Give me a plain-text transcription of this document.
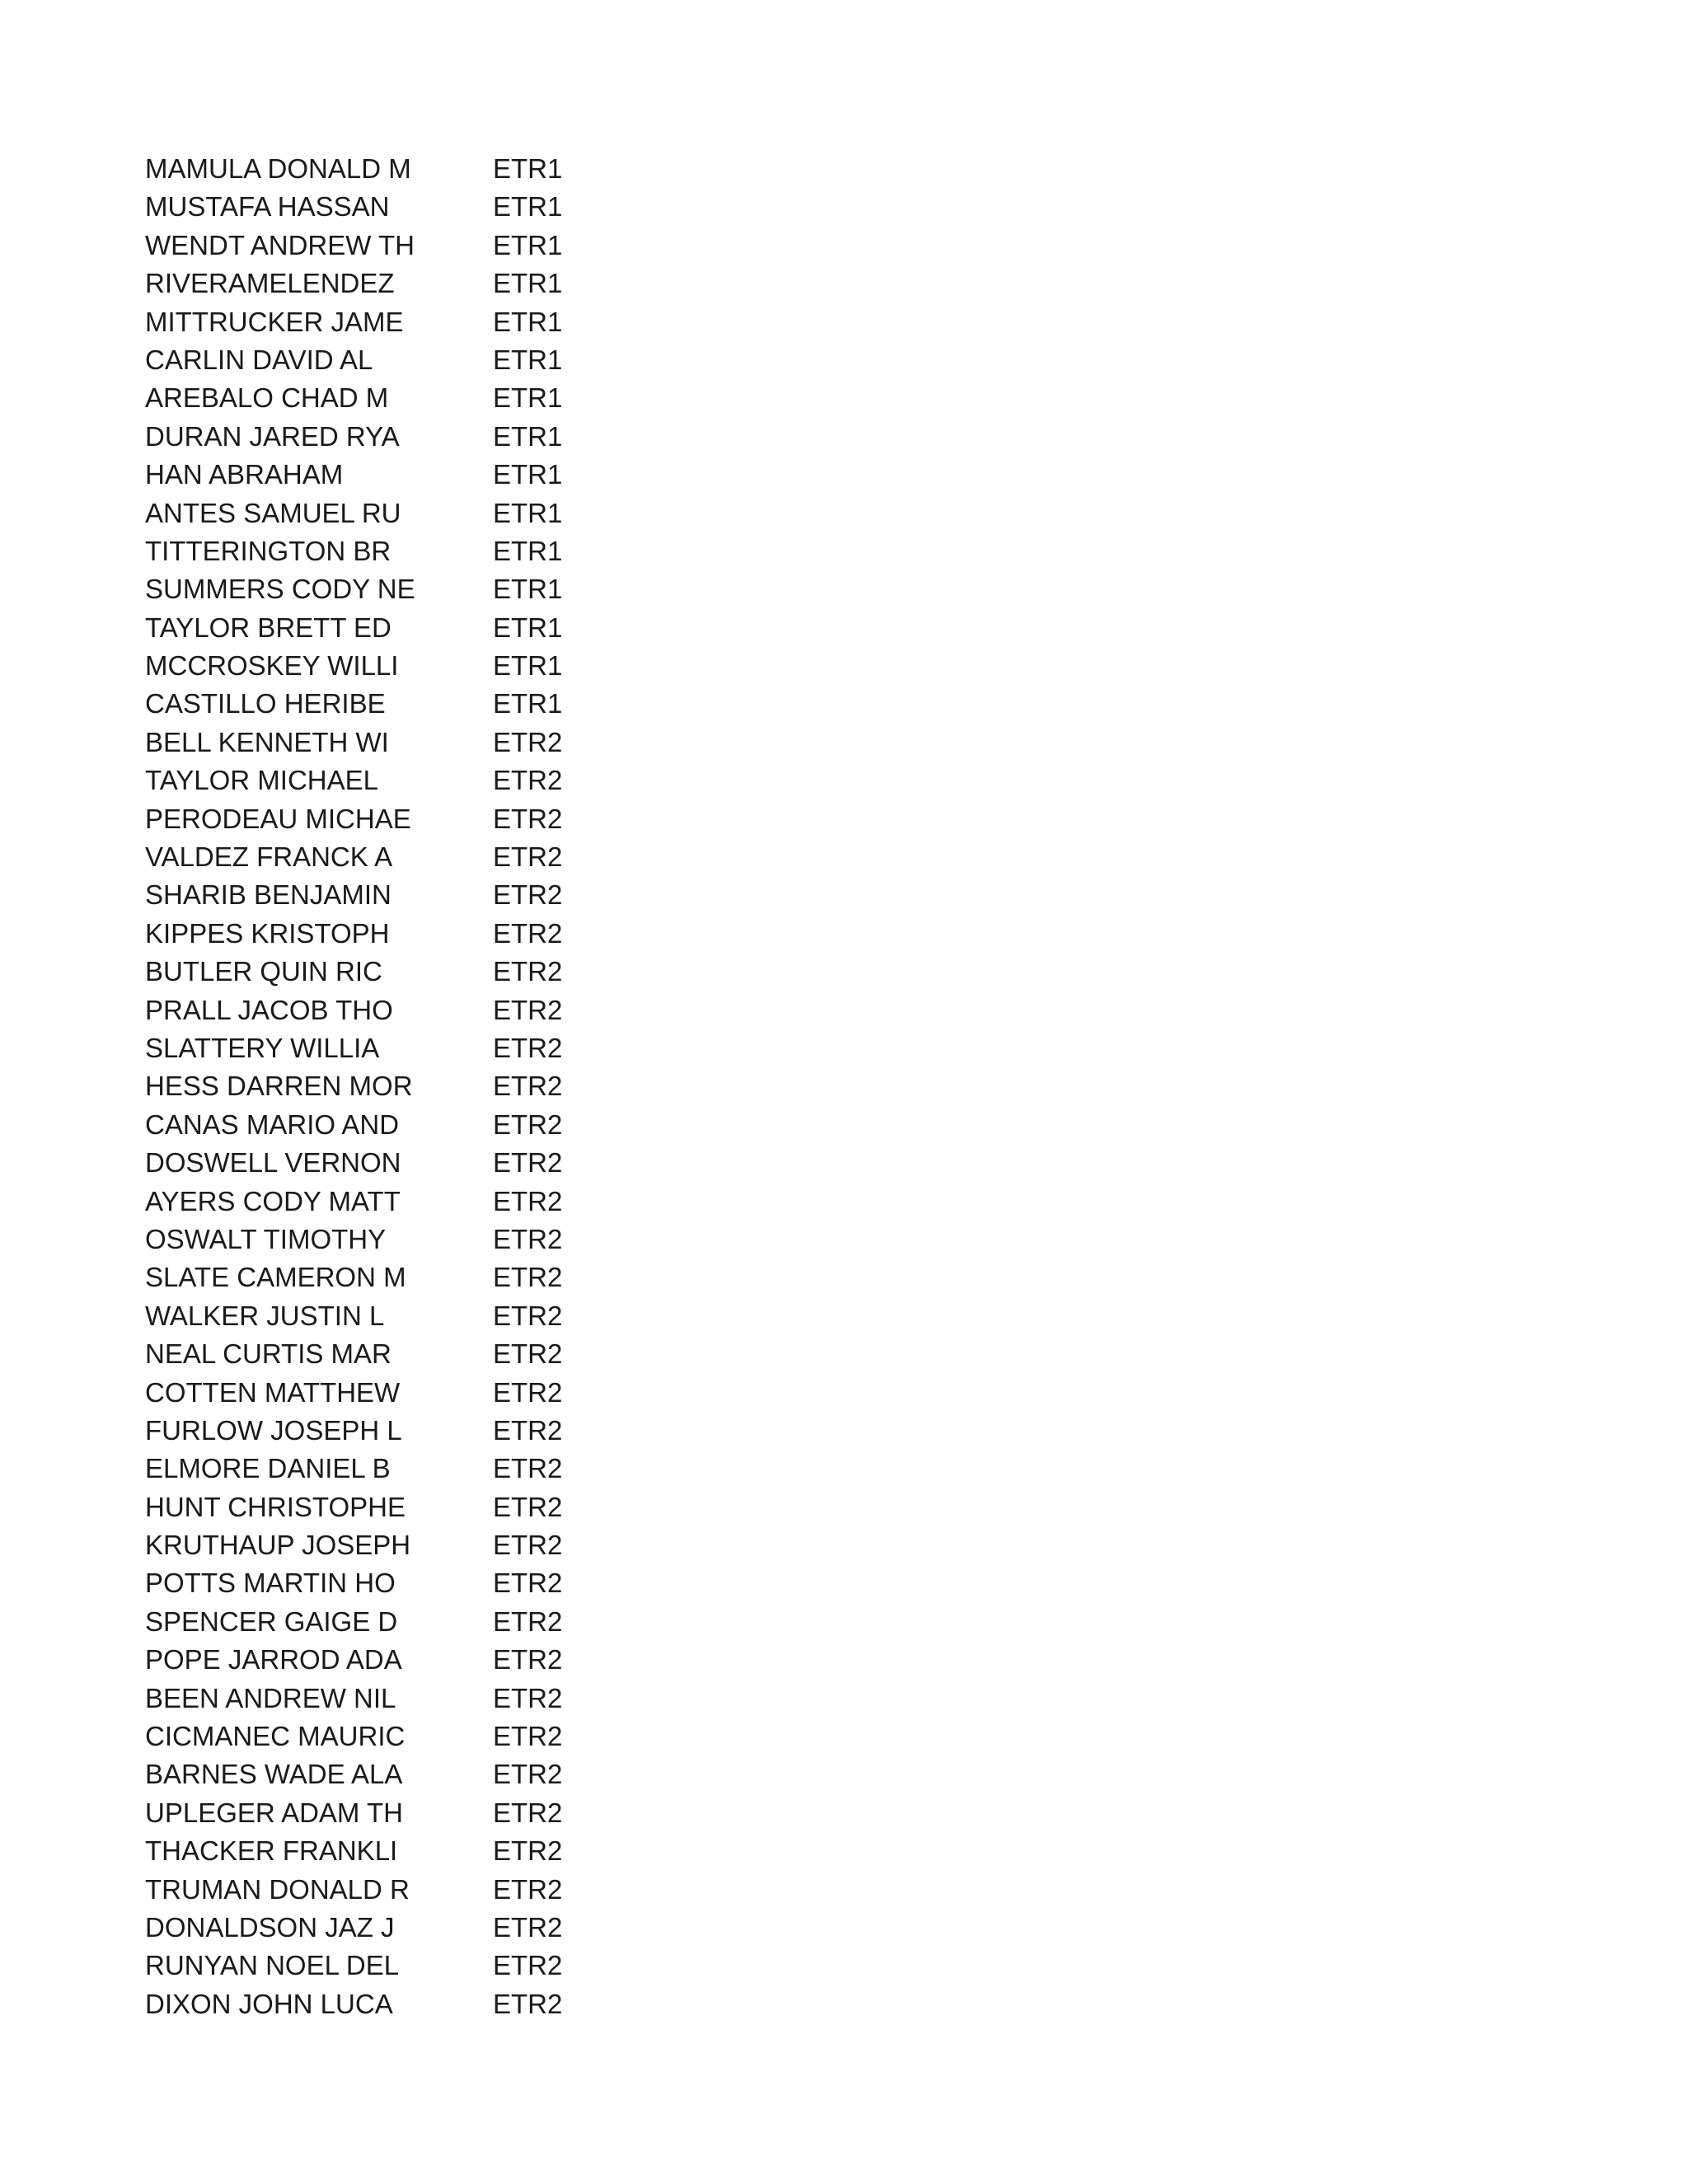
MAMULA DONALD M	ETR1
MUSTAFA HASSAN	ETR1
WENDT ANDREW TH	ETR1
RIVERAMELENDEZ	ETR1
MITTRUCKER JAME	ETR1
CARLIN DAVID AL	ETR1
AREBALO CHAD M	ETR1
DURAN JARED RYA	ETR1
HAN ABRAHAM	ETR1
ANTES SAMUEL RU	ETR1
TITTERINGTON BR	ETR1
SUMMERS CODY NE	ETR1
TAYLOR BRETT ED	ETR1
MCCROSKEY WILLI	ETR1
CASTILLO HERIBE	ETR1
BELL KENNETH WI	ETR2
TAYLOR MICHAEL	ETR2
PERODEAU MICHAE	ETR2
VALDEZ FRANCK A	ETR2
SHARIB BENJAMIN	ETR2
KIPPES KRISTOPH	ETR2
BUTLER QUIN RIC	ETR2
PRALL JACOB THO	ETR2
SLATTERY WILLIA	ETR2
HESS DARREN MOR	ETR2
CANAS MARIO AND	ETR2
DOSWELL VERNON	ETR2
AYERS CODY MATT	ETR2
OSWALT TIMOTHY	ETR2
SLATE CAMERON M	ETR2
WALKER JUSTIN L	ETR2
NEAL CURTIS MAR	ETR2
COTTEN MATTHEW	ETR2
FURLOW JOSEPH L	ETR2
ELMORE DANIEL B	ETR2
HUNT CHRISTOPHE	ETR2
KRUTHAUP JOSEPH	ETR2
POTTS MARTIN HO	ETR2
SPENCER GAIGE D	ETR2
POPE JARROD ADA	ETR2
BEEN ANDREW NIL	ETR2
CICMANEC MAURIC	ETR2
BARNES WADE ALA	ETR2
UPLEGER ADAM TH	ETR2
THACKER FRANKLI	ETR2
TRUMAN DONALD R	ETR2
DONALDSON JAZ J	ETR2
RUNYAN NOEL DEL	ETR2
DIXON JOHN LUCA	ETR2
